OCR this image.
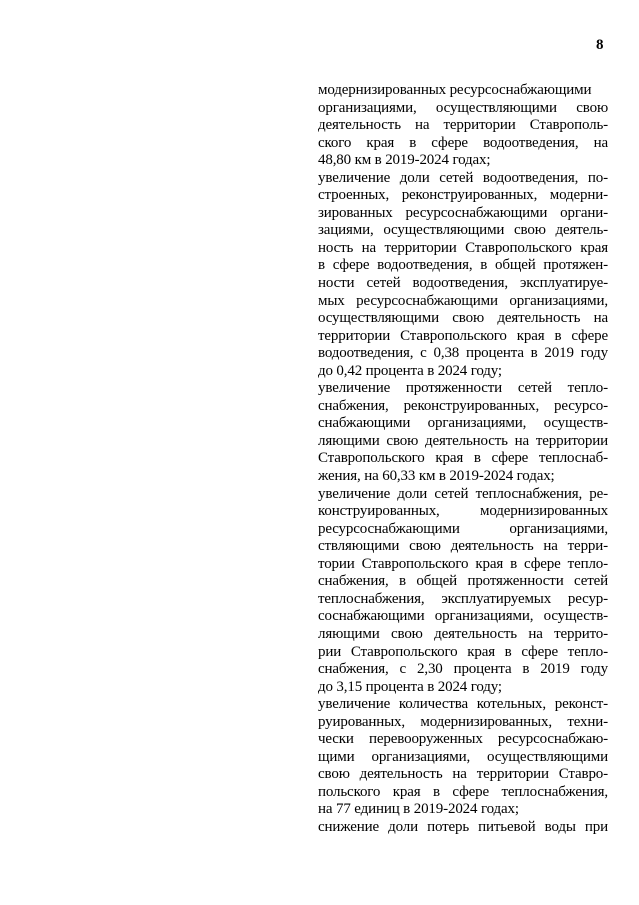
8
модернизированных ресурсоснабжающими
организациями, осуществляющими свою
деятельность на территории Ставрополь-
ского края в сфере водоотведения, на
48,80 км в 2019-2024 годах;
увеличение доли сетей водоотведения, по-
строенных, реконструированных, модерни-
зированных ресурсоснабжающими органи-
зациями, осуществляющими свою деятель-
ность на территории Ставропольского края
в сфере водоотведения, в общей протяжен-
ности сетей водоотведения, эксплуатируе-
мых ресурсоснабжающими организациями,
осуществляющими свою деятельность на
территории Ставропольского края в сфере
водоотведения, с 0,38 процента в 2019 году
до 0,42 процента в 2024 году;
увеличение протяженности сетей тепло-
снабжения, реконструированных, ресурсо-
снабжающими организациями, осуществ-
ляющими свою деятельность на территории
Ставропольского края в сфере теплоснаб-
жения, на 60,33 км в 2019-2024 годах;
увеличение доли сетей теплоснабжения, ре-
конструированных, модернизированных
ресурсоснабжающими организациями,
ствляющими свою деятельность на терри-
тории Ставропольского края в сфере тепло-
снабжения, в общей протяженности сетей
теплоснабжения, эксплуатируемых ресур-
соснабжающими организациями, осуществ-
ляющими свою деятельность на террито-
рии Ставропольского края в сфере тепло-
снабжения, с 2,30 процента в 2019 году
до 3,15 процента в 2024 году;
увеличение количества котельных, реконст-
руированных, модернизированных, техни-
чески перевооруженных ресурсоснабжаю-
щими организациями, осуществляющими
свою деятельность на территории Ставро-
польского края в сфере теплоснабжения,
на 77 единиц в 2019-2024 годах;
снижение доли потерь питьевой воды при
